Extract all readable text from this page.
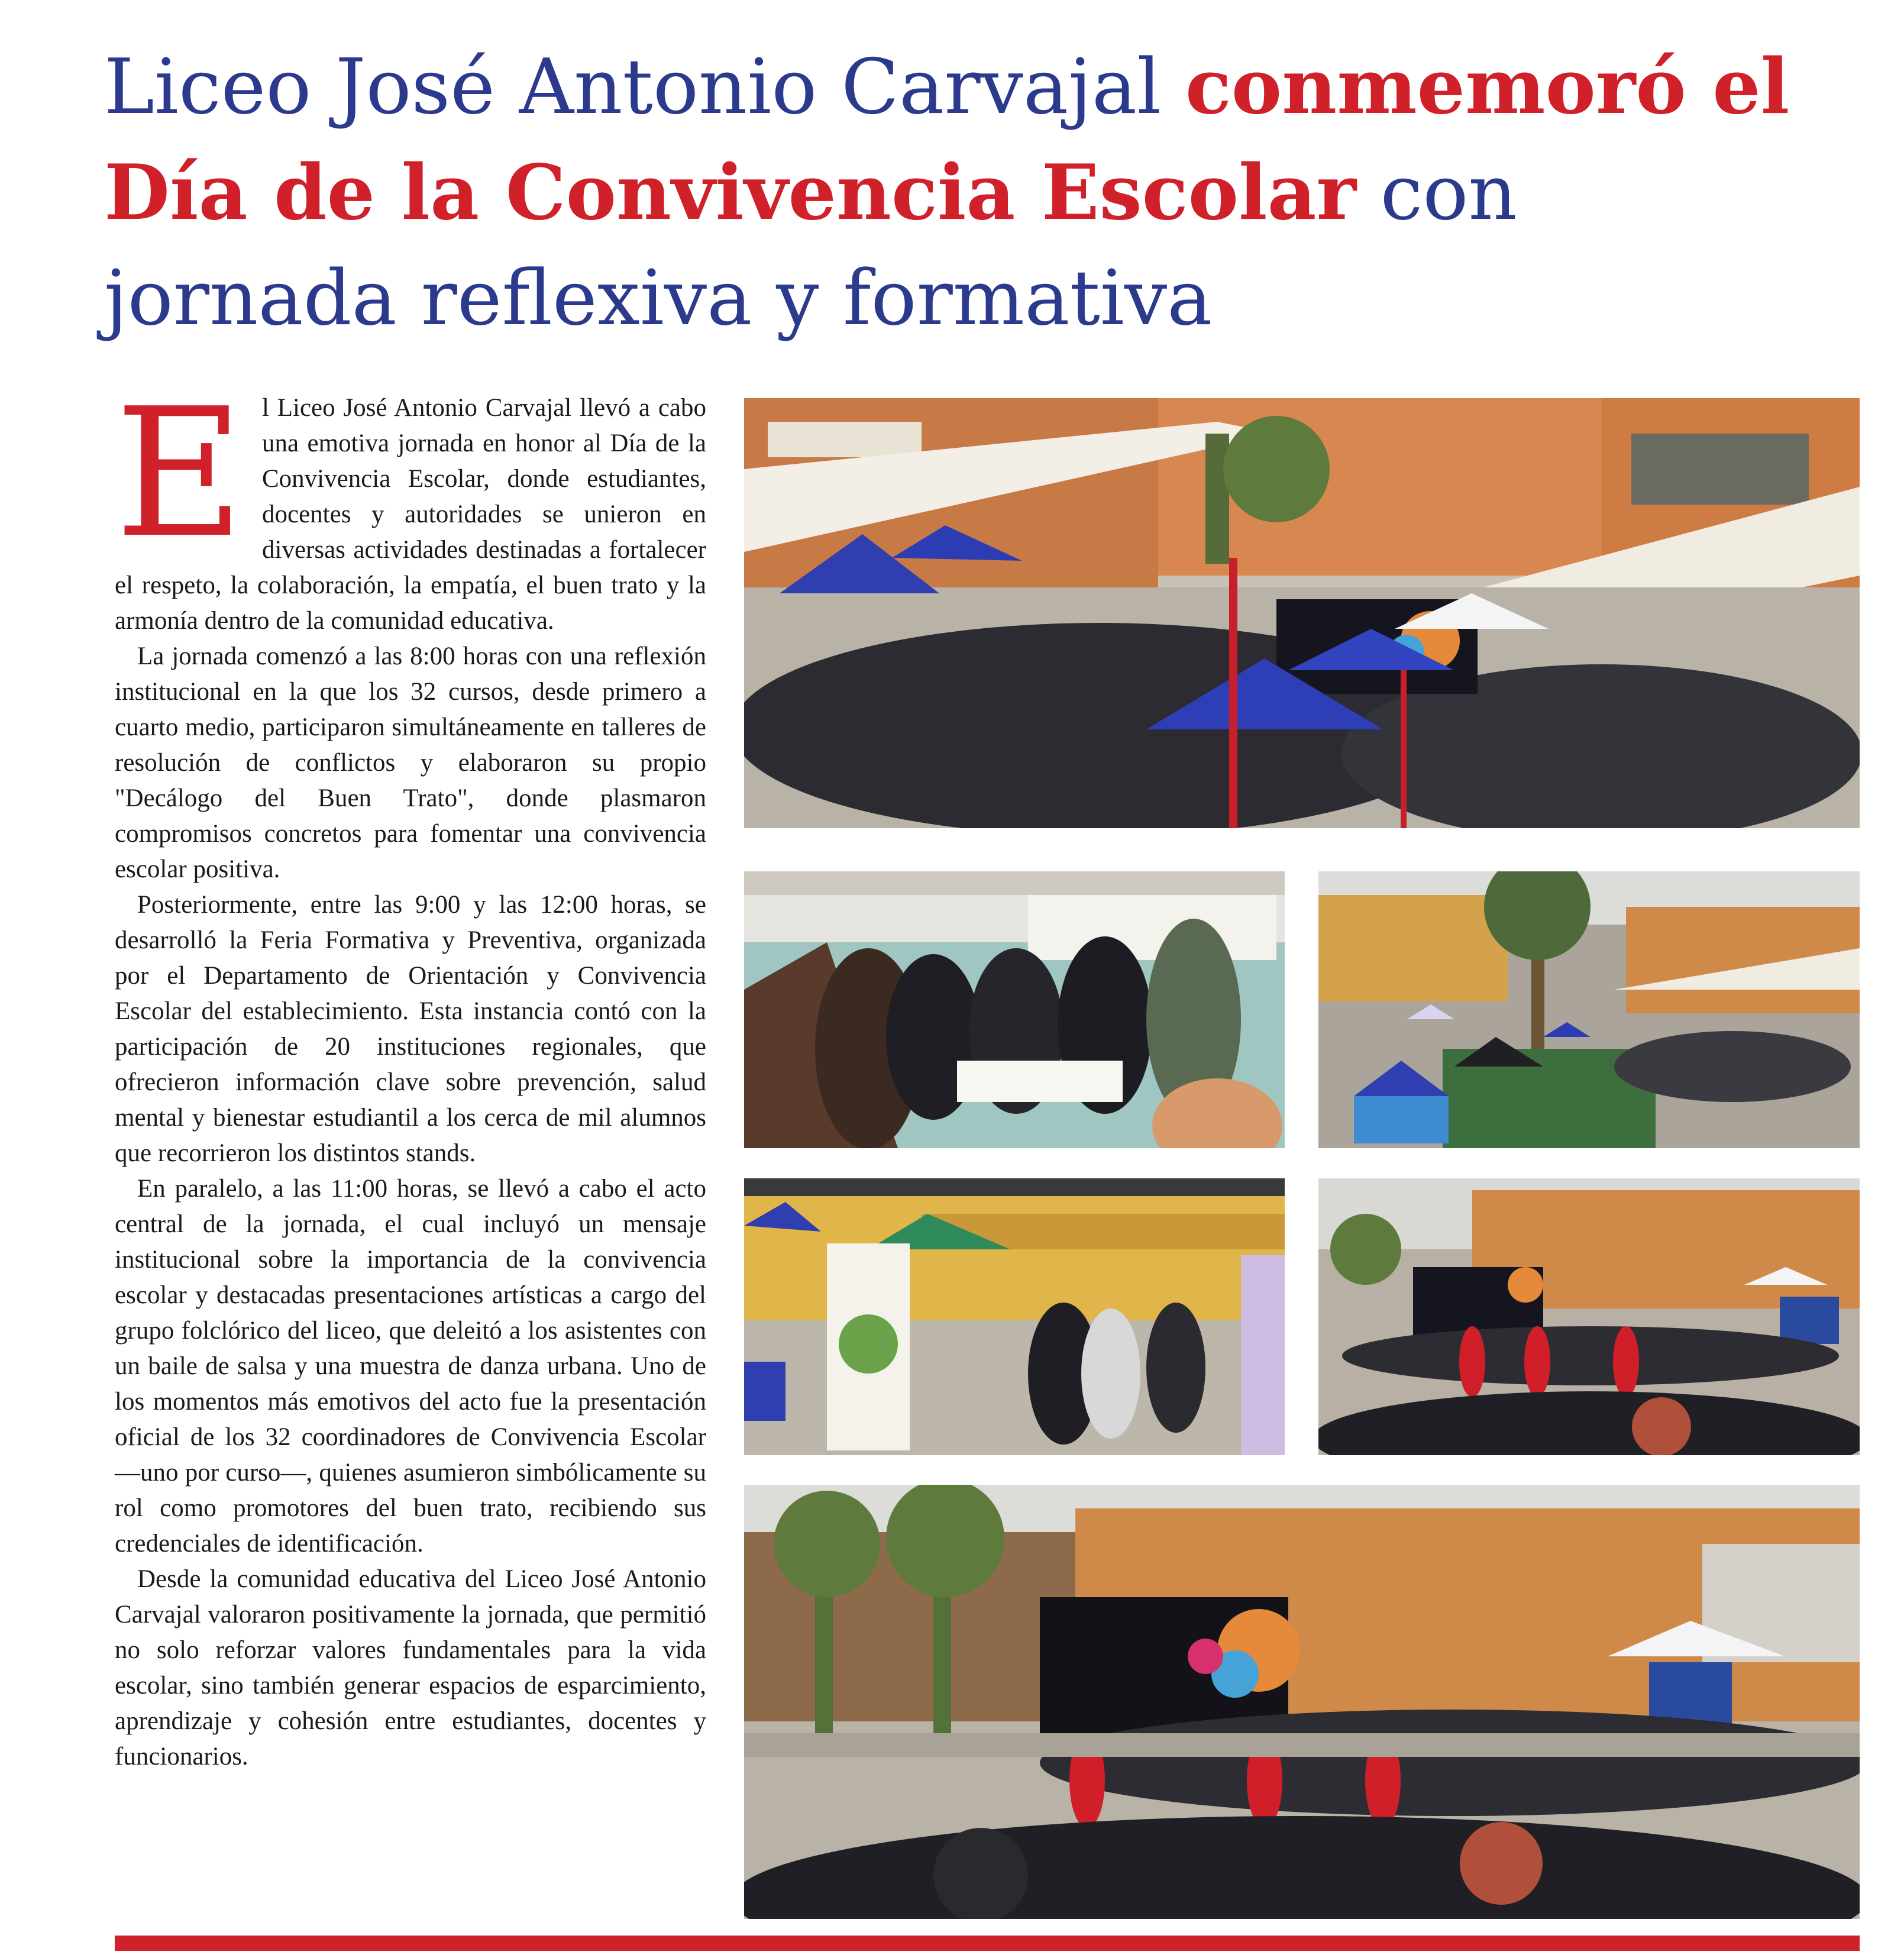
Liceo José Antonio Carvajal conmemoró el Día de la Convivencia Escolar con jornada reflexiva y formativa

El Liceo José Antonio Carvajal llevó a cabo una emotiva jornada en honor al Día de la Convivencia Escolar, donde estudiantes, docentes y autoridades se unieron en diversas actividades destinadas a fortalecer el respeto, la colaboración, la empatía, el buen trato y la armonía dentro de la comunidad educativa.

La jornada comenzó a las 8:00 horas con una reflexión institucional en la que los 32 cursos, desde primero a cuarto medio, participaron simultáneamente en talleres de resolución de conflictos y elaboraron su propio "Decálogo del Buen Trato", donde plasmaron compromisos concretos para fomentar una convivencia escolar positiva.

Posteriormente, entre las 9:00 y las 12:00 horas, se desarrolló la Feria Formativa y Preventiva, organizada por el Departamento de Orientación y Convivencia Escolar del establecimiento. Esta instancia contó con la participación de 20 instituciones regionales, que ofrecieron información clave sobre prevención, salud mental y bienestar estudiantil a los cerca de mil alumnos que recorrieron los distintos stands.

En paralelo, a las 11:00 horas, se llevó a cabo el acto central de la jornada, el cual incluyó un mensaje institucional sobre la importancia de la convivencia escolar y destacadas presentaciones artísticas a cargo del grupo folclórico del liceo, que deleitó a los asistentes con un baile de salsa y una muestra de danza urbana. Uno de los momentos más emotivos del acto fue la presentación oficial de los 32 coordinadores de Convivencia Escolar —uno por curso—, quienes asumieron simbólicamente su rol como promotores del buen trato, recibiendo sus credenciales de identificación.

Desde la comunidad educativa del Liceo José Antonio Carvajal valoraron positivamente la jornada, que permitió no solo reforzar valores fundamentales para la vida escolar, sino también generar espacios de esparcimiento, aprendizaje y cohesión entre estudiantes, docentes y funcionarios.
